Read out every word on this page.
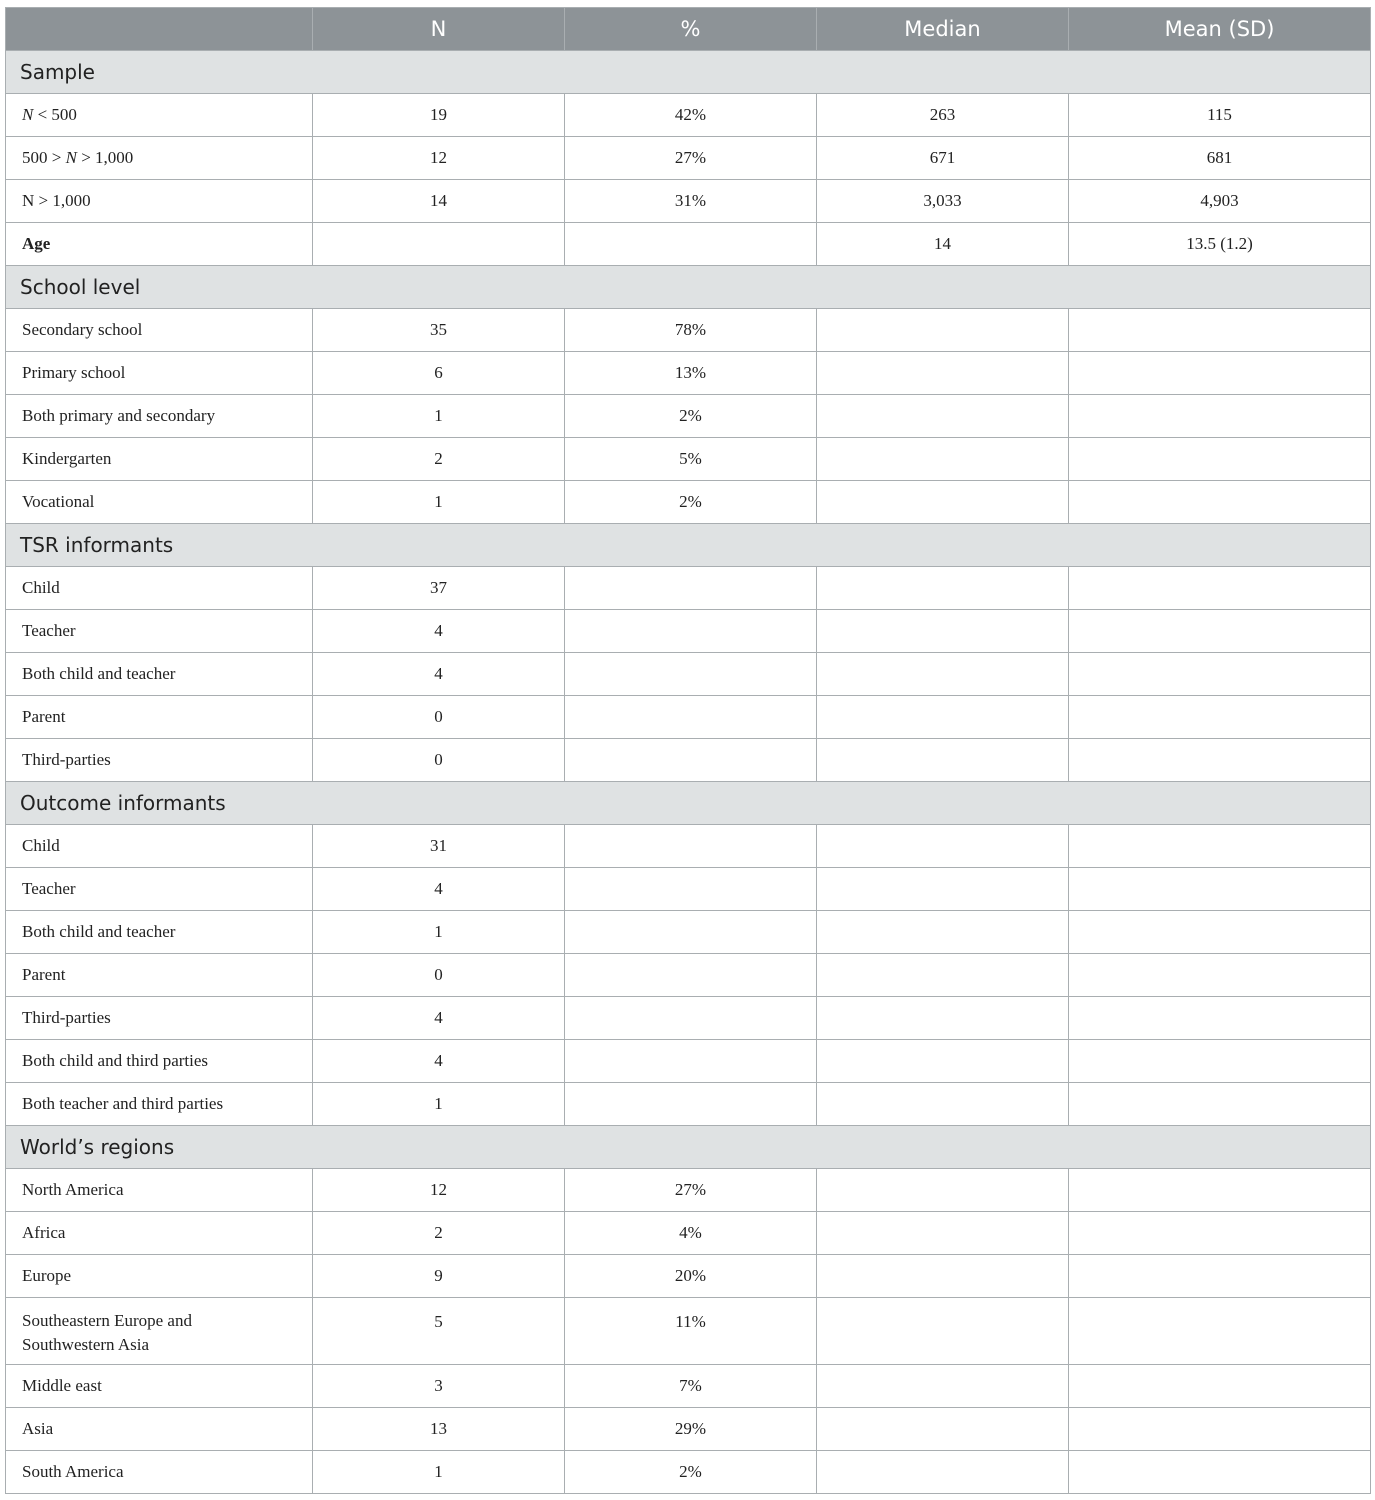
	N	%	Median	Mean (SD)
Sample				
N < 500	19	42%	263	115
500 > N > 1,000	12	27%	671	681
N > 1,000	14	31%	3,033	4,903
Age			14	13.5 (1.2)
School level				
Secondary school	35	78%		
Primary school	6	13%		
Both primary and secondary	1	2%		
Kindergarten	2	5%		
Vocational	1	2%		
TSR informants				
Child	37			
Teacher	4			
Both child and teacher	4			
Parent	0			
Third-parties	0			
Outcome informants				
Child	31			
Teacher	4			
Both child and teacher	1			
Parent	0			
Third-parties	4			
Both child and third parties	4			
Both teacher and third parties	1			
World’s regions				
North America	12	27%		
Africa	2	4%		
Europe	9	20%		

Southeastern Europe and
Southwestern Asia	5	11%		
Middle east	3	7%		
Asia	13	29%		
South America	1	2%		
